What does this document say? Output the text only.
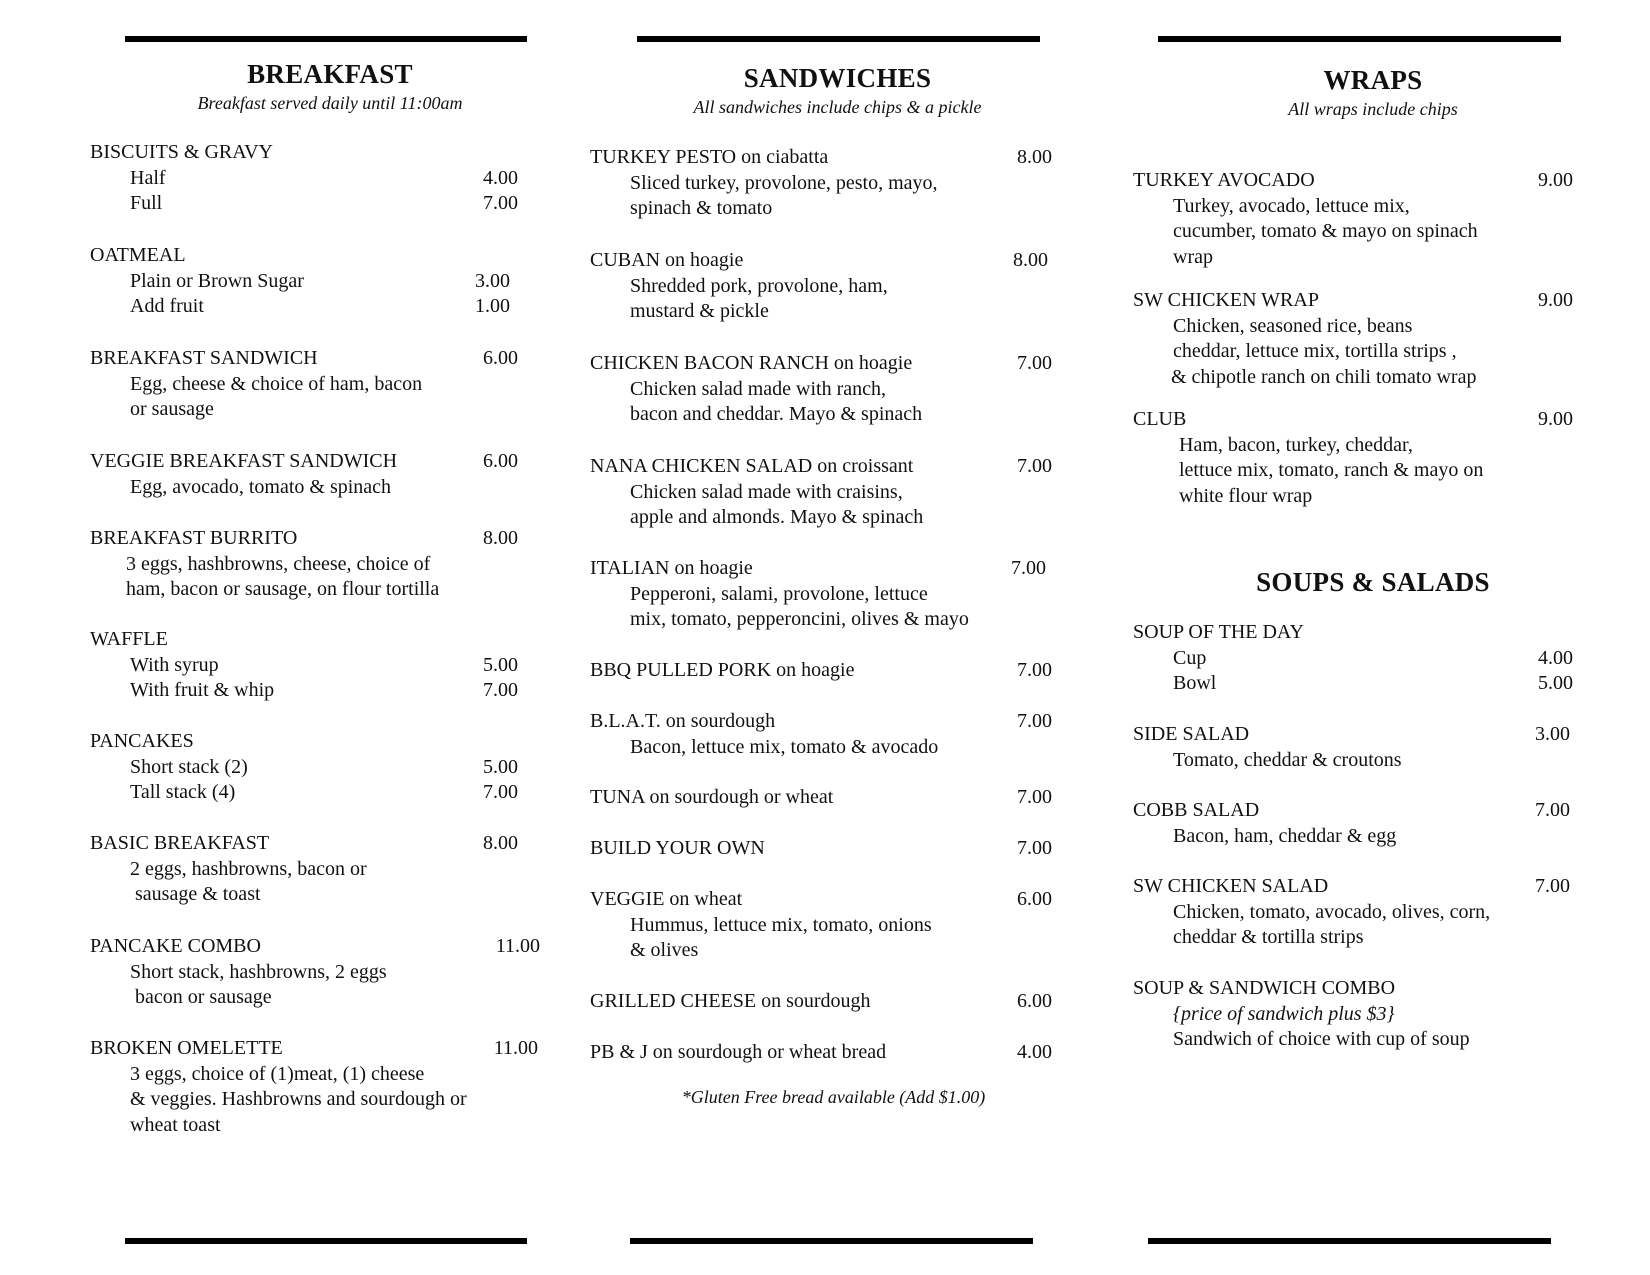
BREAKFAST

Breakfast served daily until 11:00am

BISCUITS & GRAVY
Half	4.00
Full	7.00
OATMEAL
Plain or Brown Sugar	3.00
Add fruit	1.00
BREAKFAST SANDWICH	6.00
Egg, cheese & choice of ham, bacon
or sausage
VEGGIE BREAKFAST SANDWICH	6.00
Egg, avocado, tomato & spinach
BREAKFAST BURRITO	8.00
3 eggs, hashbrowns, cheese, choice of
ham, bacon or sausage, on flour tortilla
WAFFLE
With syrup	5.00
With fruit & whip	7.00
PANCAKES
Short stack (2)	5.00
Tall stack (4)	7.00
BASIC BREAKFAST	8.00
2 eggs, hashbrowns, bacon or
sausage & toast
PANCAKE COMBO	11.00
Short stack, hashbrowns, 2 eggs
bacon or sausage
BROKEN OMELETTE	11.00
3 eggs, choice of (1)meat, (1) cheese
& veggies. Hashbrowns and sourdough or
wheat toast
SANDWICHES

All sandwiches include chips & a pickle

TURKEY PESTO on ciabatta	8.00
Sliced turkey, provolone, pesto, mayo,
spinach & tomato
CUBAN on hoagie	8.00
Shredded pork, provolone, ham,
mustard & pickle
CHICKEN BACON RANCH on hoagie	7.00
Chicken salad made with ranch,
bacon and cheddar. Mayo & spinach
NANA CHICKEN SALAD on croissant	7.00
Chicken salad made with craisins,
apple and almonds. Mayo & spinach
ITALIAN on hoagie	7.00
Pepperoni, salami, provolone, lettuce
mix, tomato, pepperoncini, olives & mayo
BBQ PULLED PORK on hoagie	7.00
B.L.A.T. on sourdough	7.00
Bacon, lettuce mix, tomato & avocado
TUNA on sourdough or wheat	7.00
BUILD YOUR OWN	7.00
VEGGIE on wheat	6.00
Hummus, lettuce mix, tomato, onions
& olives
GRILLED CHEESE on sourdough	6.00
PB & J on sourdough or wheat bread	4.00
*Gluten Free bread available (Add $1.00)
WRAPS

All wraps include chips

TURKEY AVOCADO	9.00
Turkey, avocado, lettuce mix,
cucumber, tomato & mayo on spinach
wrap
SW CHICKEN WRAP	9.00
Chicken, seasoned rice, beans
cheddar, lettuce mix, tortilla strips ,
& chipotle ranch on chili tomato wrap
CLUB	9.00
Ham, bacon, turkey, cheddar,
lettuce mix, tomato, ranch & mayo on
white flour wrap
SOUPS & SALADS
SOUP OF THE DAY
Cup	4.00
Bowl	5.00
SIDE SALAD	3.00
Tomato, cheddar & croutons
COBB SALAD	7.00
Bacon, ham, cheddar & egg
SW CHICKEN SALAD	7.00
Chicken, tomato, avocado, olives, corn,
cheddar & tortilla strips
SOUP & SANDWICH COMBO
{price of sandwich plus $3}
Sandwich of choice with cup of soup
